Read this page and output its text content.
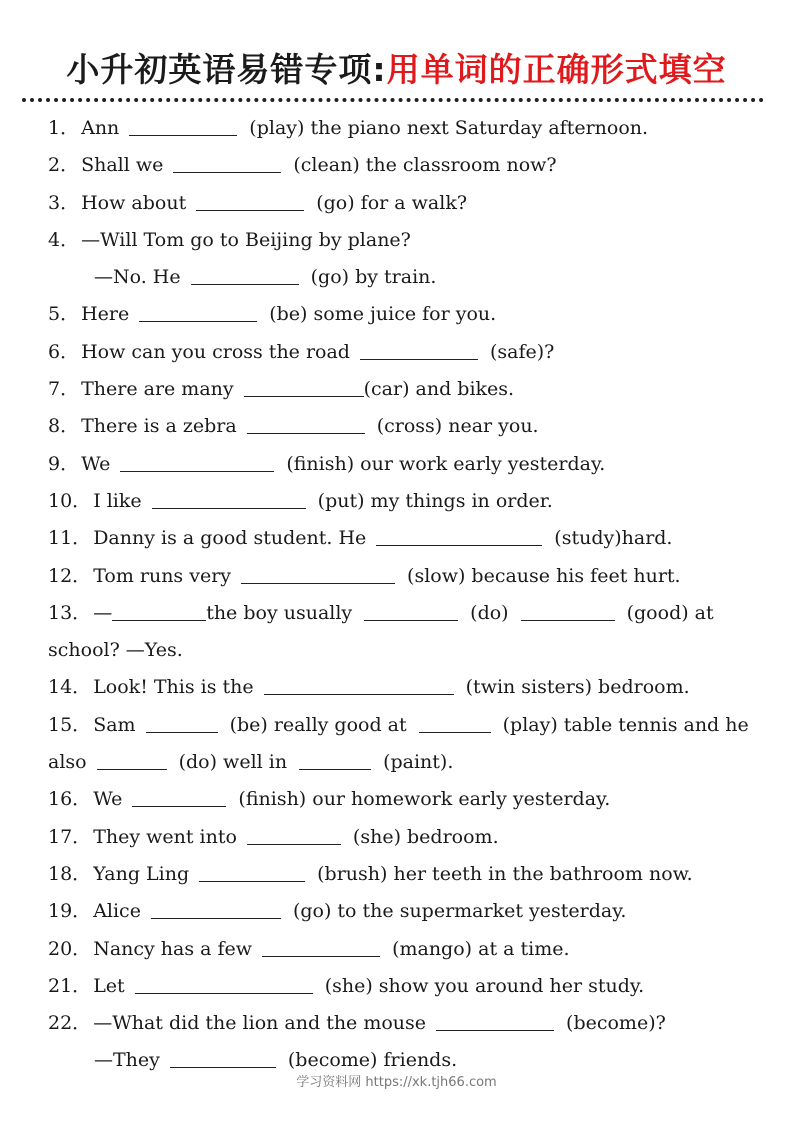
小升初英语易错专项:用单词的正确形式填空
1． Ann	(play) the piano next Saturday afternoon.
2． Shall we	(clean) the classroom now?
3． How about	(go) for a walk?
4． —Will Tom go to Beijing by plane?
—No. He	(go) by train.
5． Here	(be) some juice for you.
6． How can you cross the road	(safe)?
7． There are many	(car) and bikes.
8． There is a zebra	(cross) near you.
9． We	(finish) our work early yesterday.
10． I like	(put) my things in order.
11． Danny is a good student. He	(study)hard.
12． Tom runs very	(slow) because his feet hurt.
13． —	the boy usually	(do)	(good) at
school? —Yes.
14． Look! This is the	(twin sisters) bedroom.
15． Sam	(be) really good at	(play) table tennis and he
also	(do) well in	(paint).
16． We	(finish) our homework early yesterday.
17． They went into	(she) bedroom.
18． Yang Ling	(brush) her teeth in the bathroom now.
19． Alice	(go) to the supermarket yesterday.
20． Nancy has a few	(mango) at a time.
21． Let	(she) show you around her study.
22． —What did the lion and the mouse	(become)?
—They	(become) friends.
学习资料网 https://xk.tjh66.com
